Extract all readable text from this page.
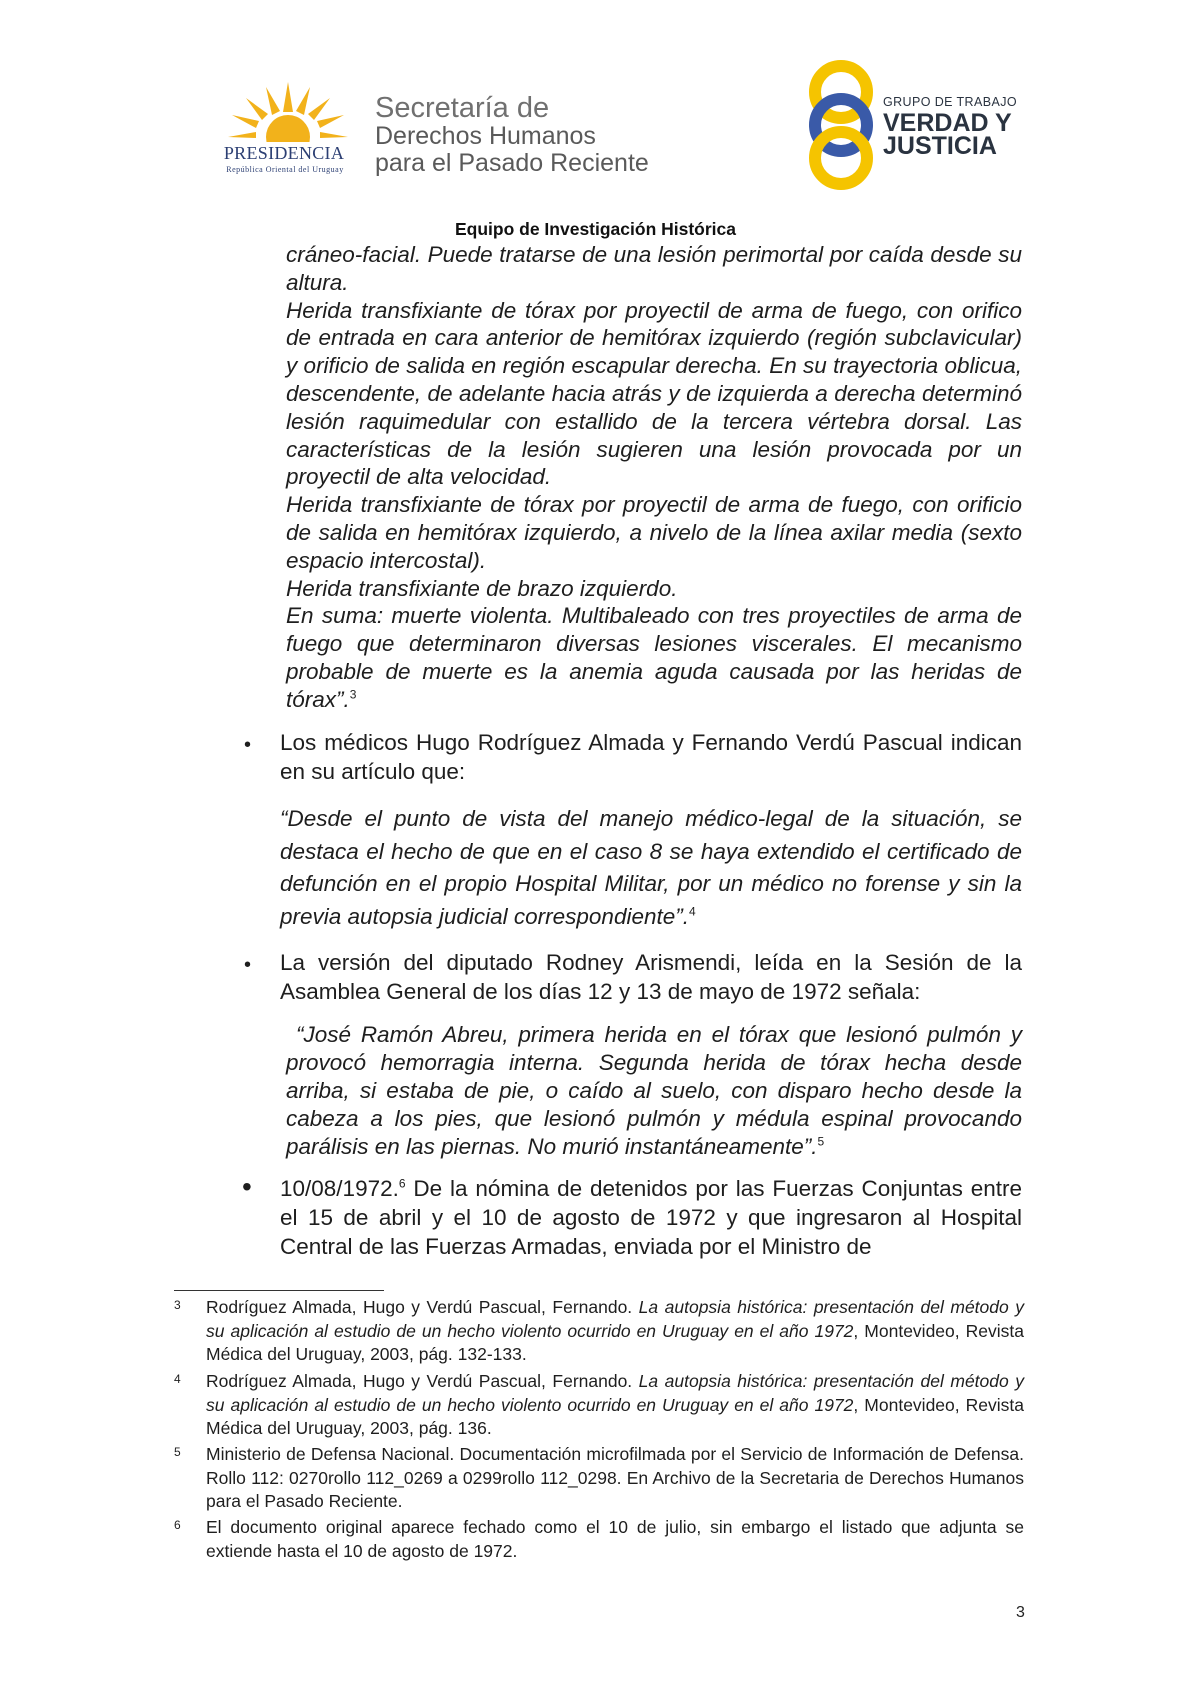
PRESIDENCIA
República Oriental del Uruguay
Secretaría de
Derechos Humanos
para el Pasado Reciente
GRUPO DE TRABAJO
VERDAD Y
JUSTICIA
Equipo de Investigación Histórica

cráneo-facial. Puede tratarse de una lesión perimortal por caída desde su altura.
Herida transfixiante de tórax por proyectil de arma de fuego, con orifico de entrada en cara anterior de hemitórax izquierdo (región subclavicular) y orificio de salida en región escapular derecha. En su trayectoria oblicua, descendente, de adelante hacia atrás y de izquierda a derecha determinó lesión raquimedular con estallido de la tercera vértebra dorsal. Las características de la lesión sugieren una lesión provocada por un proyectil de alta velocidad.
Herida transfixiante de tórax por proyectil de arma de fuego, con orificio de salida en hemitórax izquierdo, a nivelo de la línea axilar media (sexto espacio intercostal).
Herida transfixiante de brazo izquierdo.
En suma: muerte violenta. Multibaleado con tres proyectiles de arma de fuego que determinaron diversas lesiones viscerales. El mecanismo probable de muerte es la anemia aguda causada por las heridas de tórax”.$^3$

• Los médicos Hugo Rodríguez Almada y Fernando Verdú Pascual indican en su artículo que:

“Desde el punto de vista del manejo médico-legal de la situación, se destaca el hecho de que en el caso 8 se haya extendido el certificado de defunción en el propio Hospital Militar, por un médico no forense y sin la previa autopsia judicial correspondiente”.$^4$

• La versión del diputado Rodney Arismendi, leída en la Sesión de la Asamblea General de los días 12 y 13 de mayo de 1972 señala:

“José Ramón Abreu, primera herida en el tórax que lesionó pulmón y provocó hemorragia interna. Segunda herida de tórax hecha desde arriba, si estaba de pie, o caído al suelo, con disparo hecho desde la cabeza a los pies, que lesionó pulmón y médula espinal provocando parálisis en las piernas. No murió instantáneamente”.$^5$

• 10/08/1972.$^6$ De la nómina de detenidos por las Fuerzas Conjuntas entre el 15 de abril y el 10 de agosto de 1972 y que ingresaron al Hospital Central de las Fuerzas Armadas, enviada por el Ministro de

3 Rodríguez Almada, Hugo y Verdú Pascual, Fernando. La autopsia histórica: presentación del método y su aplicación al estudio de un hecho violento ocurrido en Uruguay en el año 1972, Montevideo, Revista Médica del Uruguay, 2003, pág. 132-133.

4 Rodríguez Almada, Hugo y Verdú Pascual, Fernando. La autopsia histórica: presentación del método y su aplicación al estudio de un hecho violento ocurrido en Uruguay en el año 1972, Montevideo, Revista Médica del Uruguay, 2003, pág. 136.

5 Ministerio de Defensa Nacional. Documentación microfilmada por el Servicio de Información de Defensa. Rollo 112: 0270rollo 112_0269 a 0299rollo 112_0298. En Archivo de la Secretaria de Derechos Humanos para el Pasado Reciente.

6 El documento original aparece fechado como el 10 de julio, sin embargo el listado que adjunta se extiende hasta el 10 de agosto de 1972.

3
